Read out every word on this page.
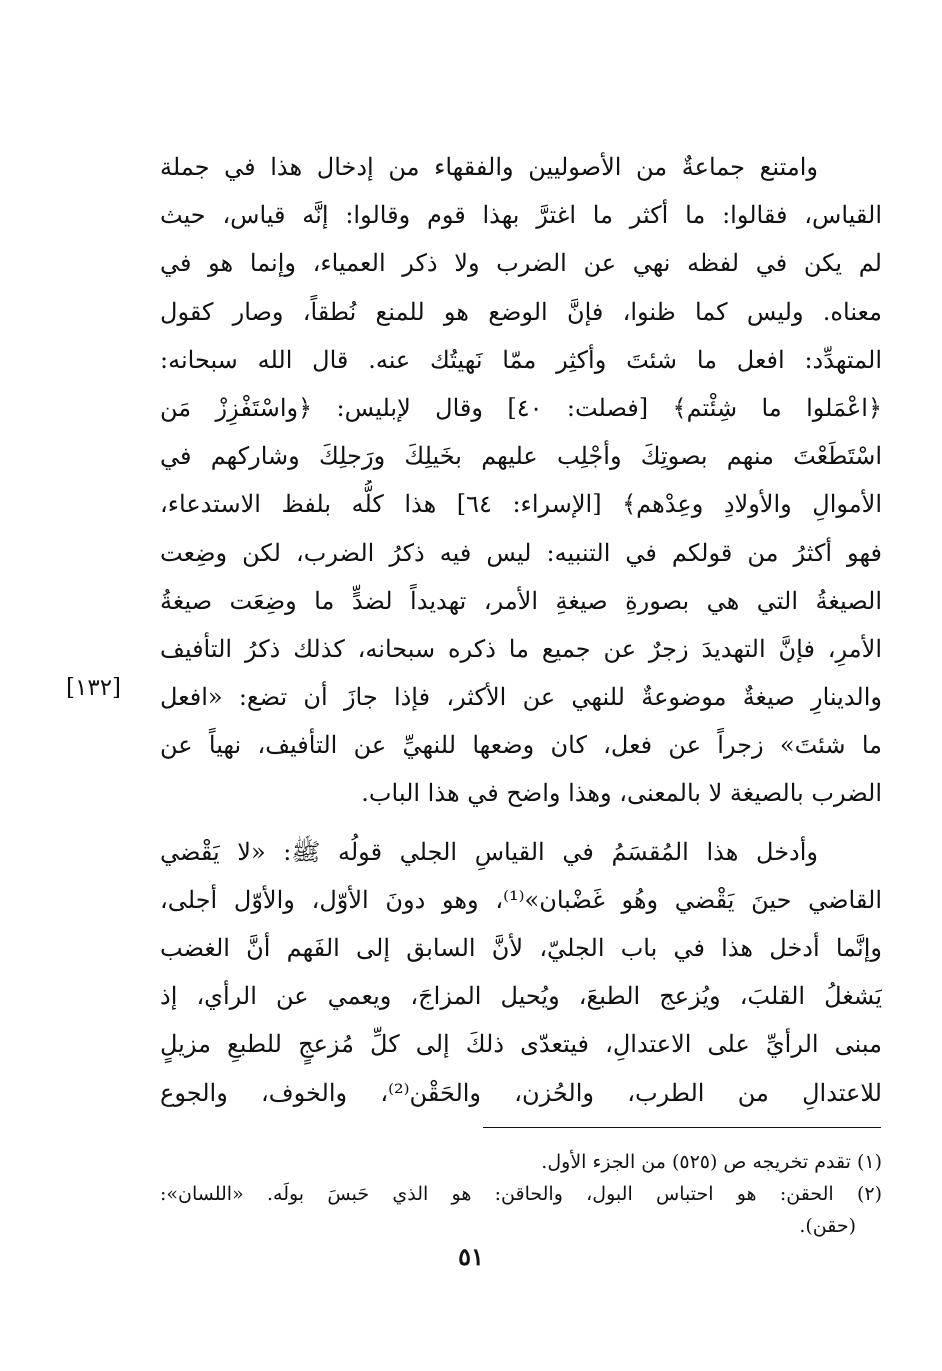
وامتنع جماعةٌ من الأصوليين والفقهاء من إدخال هذا في جملة
القياس، فقالوا: ما أكثر ما اغترَّ بهذا قوم وقالوا: إنَّه قياس، حيث
لم يكن في لفظه نهي عن الضرب ولا ذكر العمياء، وإنما هو في
معناه. وليس كما ظنوا، فإنَّ الوضع هو للمنع نُطقاً، وصار كقول
المتهدِّد: افعل ما شئتَ وأكثِر ممّا نَهيتُك عنه. قال الله سبحانه:
﴿اعْمَلوا ما شِئْتم﴾ [فصلت: ٤٠] وقال لإبليس: ﴿واسْتَفْزِزْ مَن
اسْتَطَعْتَ منهم بصوتِكَ وأجْلِب عليهم بخَيلِكَ ورَجلِكَ وشاركهم في
الأموالِ والأولادِ وعِدْهم﴾ [الإسراء: ٦٤] هذا كلُّه بلفظ الاستدعاء،
فهو أكثرُ من قولكم في التنبيه: ليس فيه ذكرُ الضرب، لكن وضِعت
الصيغةُ التي هي بصورةِ صيغةِ الأمر، تهديداً لضدٍّ ما وضِعَت صيغةُ
الأمرِ، فإنَّ التهديدَ زجرٌ عن جميع ما ذكره سبحانه، كذلك ذكرُ التأفيف
والدينارِ صيغةٌ موضوعةٌ للنهي عن الأكثر، فإذا جازَ أن تضع: «افعل
ما شئتَ» زجراً عن فعل، كان وضعها للنهيِّ عن التأفيف، نهياً عن
الضرب بالصيغة لا بالمعنى، وهذا واضح في هذا الباب.
وأدخل هذا المُقسَمُ في القياسِ الجلي قولُه ﷺ: «لا يَقْضي
القاضي حينَ يَقْضي وهُو غَضْبان»⁽¹⁾، وهو دونَ الأوّل، والأوّل أجلى،
وإنَّما أدخل هذا في باب الجليّ، لأنَّ السابق إلى الفَهم أنَّ الغضب
يَشغلُ القلبَ، ويُزعج الطبعَ، ويُحيل المزاجَ، ويعمي عن الرأي، إذ
مبنى الرأيِّ على الاعتدالِ، فيتعدّى ذلكَ إلى كلِّ مُزعجٍ للطبعِ مزيلٍ
للاعتدالِ من الطرب، والحُزن، والحَقْن⁽²⁾، والخوف، والجوع
[١٣٢]
(١) تقدم تخريجه ص (٥٢٥) من الجزء الأول.
(٢) الحقن: هو احتباس البول، والحاقن: هو الذي حَبسَ بولَه. «اللسان»:
(حقن).
٥١
